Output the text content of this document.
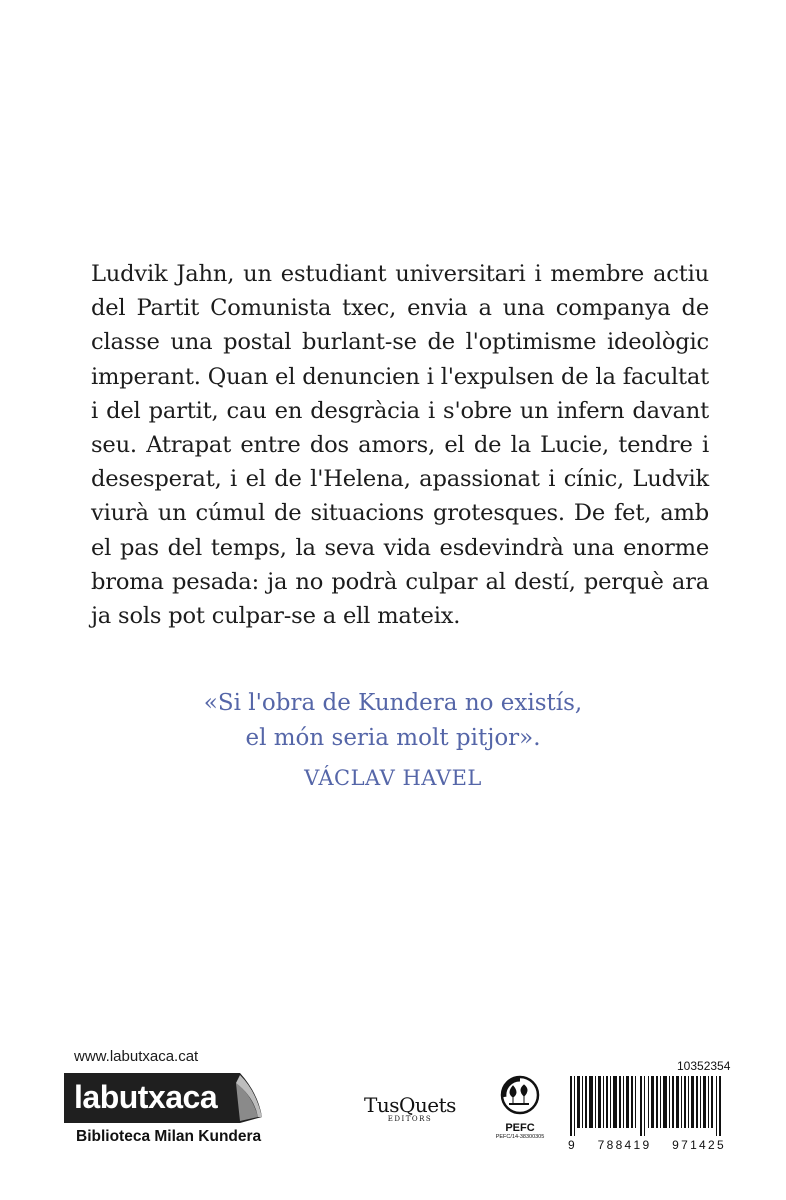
Ludvik Jahn, un estudiant universitari i membre actiu
del Partit Comunista txec, envia a una companya de
classe una postal burlant-se de l'optimisme ideològic
imperant. Quan el denuncien i l'expulsen de la facultat
i del partit, cau en desgràcia i s'obre un infern davant
seu. Atrapat entre dos amors, el de la Lucie, tendre i
desesperat, i el de l'Helena, apassionat i cínic, Ludvik
viurà un cúmul de situacions grotesques. De fet, amb
el pas del temps, la seva vida esdevindrà una enorme
broma pesada: ja no podrà culpar al destí, perquè ara
ja sols pot culpar-se a ell mateix.
«Si l'obra de Kundera no existís,
el món seria molt pitjor».
VÁCLAV HAVEL
www.labutxaca.cat
labutxaca
Biblioteca Milan Kundera
TusQuets
EDITORS
PEFC
PEFC/14-38300305
10352354
9 788419 971425
